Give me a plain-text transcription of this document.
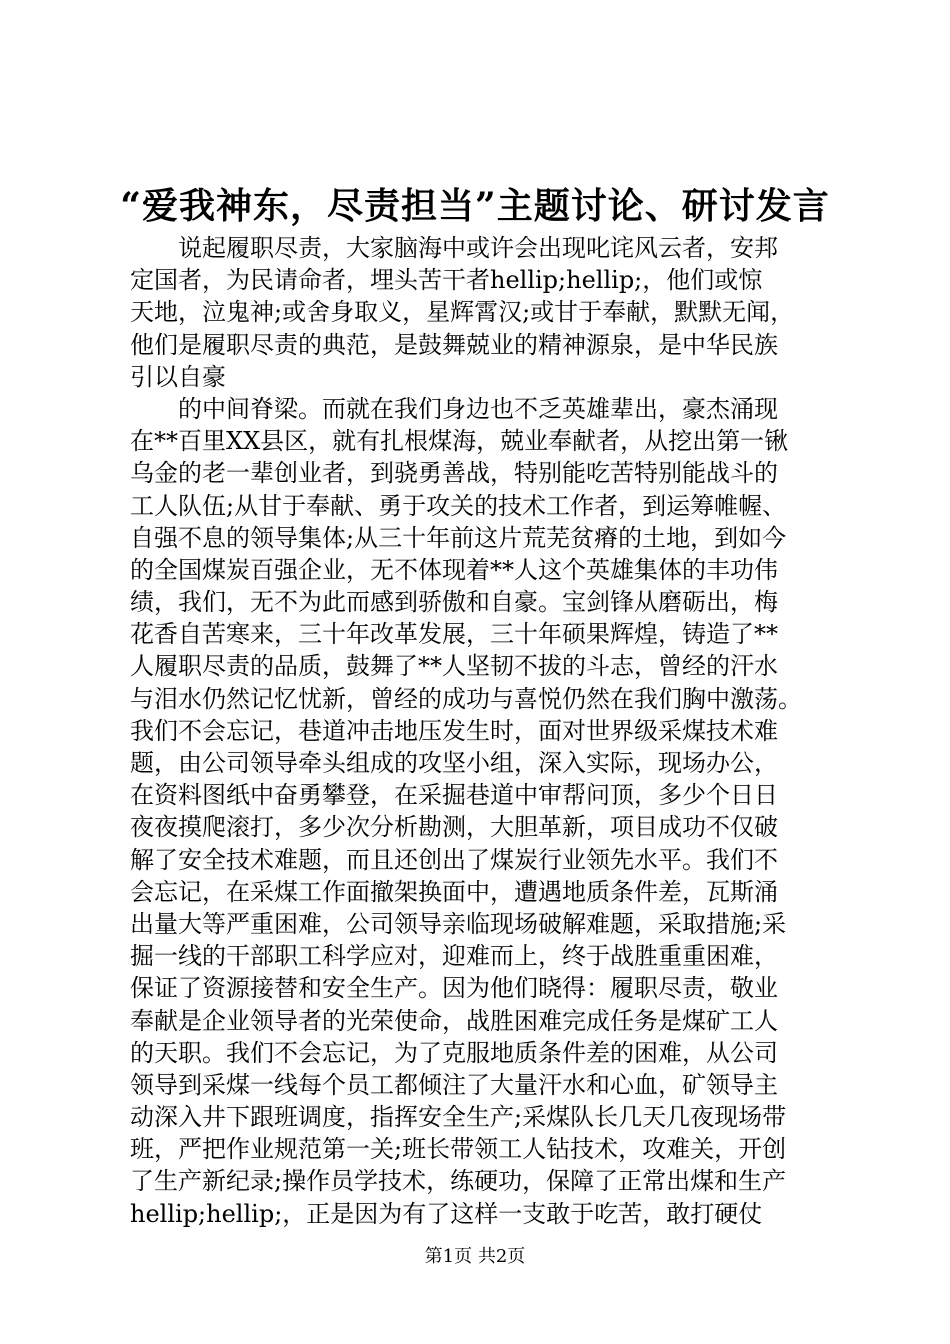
“爱我神东，尽责担当”主题讨论、研讨发言
　　说起履职尽责，大家脑海中或许会出现叱诧风云者，安邦
定国者，为民请命者，埋头苦干者hellip;hellip;，他们或惊
天地，泣鬼神;或舍身取义，星辉霄汉;或甘于奉献，默默无闻，
他们是履职尽责的典范，是鼓舞兢业的精神源泉，是中华民族
引以自豪
　　的中间脊梁。而就在我们身边也不乏英雄辈出，豪杰涌现
在**百里XX县区，就有扎根煤海，兢业奉献者，从挖出第一锹
乌金的老一辈创业者，到骁勇善战，特别能吃苦特别能战斗的
工人队伍;从甘于奉献、勇于攻关的技术工作者，到运筹帷幄、
自强不息的领导集体;从三十年前这片荒芜贫瘠的土地，到如今
的全国煤炭百强企业，无不体现着**人这个英雄集体的丰功伟
绩，我们，无不为此而感到骄傲和自豪。宝剑锋从磨砺出，梅
花香自苦寒来，三十年改革发展，三十年硕果辉煌，铸造了**
人履职尽责的品质，鼓舞了**人坚韧不拔的斗志，曾经的汗水
与泪水仍然记忆忧新，曾经的成功与喜悦仍然在我们胸中激荡。
我们不会忘记，巷道冲击地压发生时，面对世界级采煤技术难
题，由公司领导牵头组成的攻坚小组，深入实际，现场办公，
在资料图纸中奋勇攀登，在采掘巷道中审帮问顶，多少个日日
夜夜摸爬滚打，多少次分析勘测，大胆革新，项目成功不仅破
解了安全技术难题，而且还创出了煤炭行业领先水平。我们不
会忘记，在采煤工作面撤架换面中，遭遇地质条件差，瓦斯涌
出量大等严重困难，公司领导亲临现场破解难题，采取措施;采
掘一线的干部职工科学应对，迎难而上，终于战胜重重困难，
保证了资源接替和安全生产。因为他们晓得：履职尽责，敬业
奉献是企业领导者的光荣使命，战胜困难完成任务是煤矿工人
的天职。我们不会忘记，为了克服地质条件差的困难，从公司
领导到采煤一线每个员工都倾注了大量汗水和心血，矿领导主
动深入井下跟班调度，指挥安全生产;采煤队长几天几夜现场带
班，严把作业规范第一关;班长带领工人钻技术，攻难关，开创
了生产新纪录;操作员学技术，练硬功，保障了正常出煤和生产
hellip;hellip;，正是因为有了这样一支敢于吃苦，敢打硬仗
第1页 共2页
